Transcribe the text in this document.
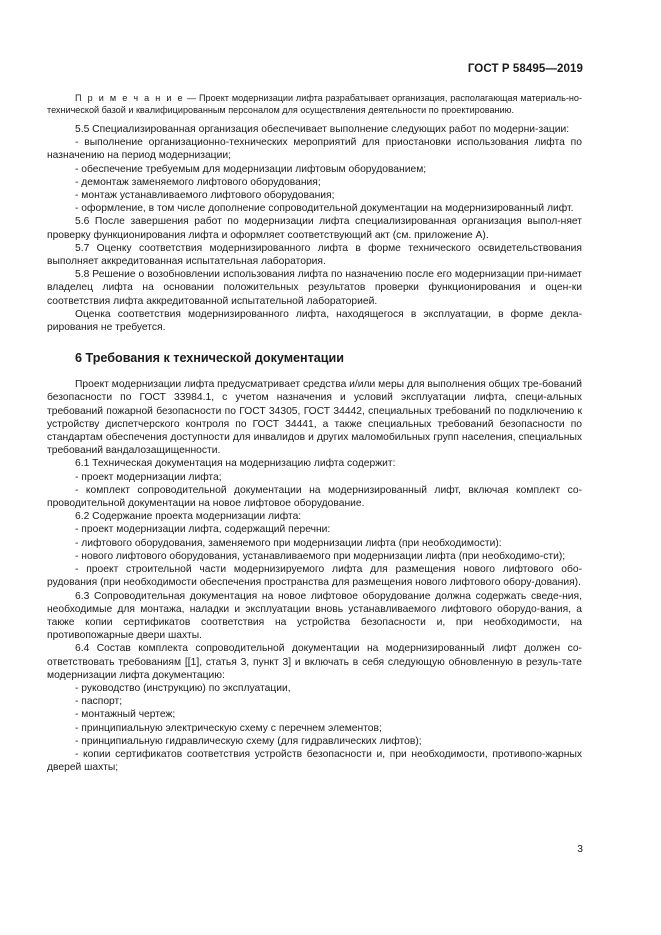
ГОСТ Р 58495—2019

П р и м е ч а н и е — Проект модернизации лифта разрабатывает организация, располагающая материаль-но-технической базой и квалифицированным персоналом для осуществления деятельности по проектированию.

5.5 Специализированная организация обеспечивает выполнение следующих работ по модерни-зации:

- выполнение организационно-технических мероприятий для приостановки использования лифта по назначению на период модернизации;

- обеспечение требуемым для модернизации лифтовым оборудованием;

- демонтаж заменяемого лифтового оборудования;

- монтаж устанавливаемого лифтового оборудования;

- оформление, в том числе дополнение сопроводительной документации на модернизированный лифт.

5.6 После завершения работ по модернизации лифта специализированная организация выпол-няет проверку функционирования лифта и оформляет соответствующий акт (см. приложение А).

5.7 Оценку соответствия модернизированного лифта в форме технического освидетельствования выполняет аккредитованная испытательная лаборатория.

5.8 Решение о возобновлении использования лифта по назначению после его модернизации при-нимает владелец лифта на основании положительных результатов проверки функционирования и оцен-ки соответствия лифта аккредитованной испытательной лабораторией.

Оценка соответствия модернизированного лифта, находящегося в эксплуатации, в форме декла-рирования не требуется.

6 Требования к технической документации

Проект модернизации лифта предусматривает средства и/или меры для выполнения общих тре-бований безопасности по ГОСТ 33984.1, с учетом назначения и условий эксплуатации лифта, специ-альных требований пожарной безопасности по ГОСТ 34305, ГОСТ 34442, специальных требований по подключению к устройству диспетчерского контроля по ГОСТ 34441, а также специальных требований безопасности по стандартам обеспечения доступности для инвалидов и других маломобильных групп населения, специальных требований вандалозащищенности.

6.1 Техническая документация на модернизацию лифта содержит:

- проект модернизации лифта;

- комплект сопроводительной документации на модернизированный лифт, включая комплект со-проводительной документации на новое лифтовое оборудование.

6.2 Содержание проекта модернизации лифта:

- проект модернизации лифта, содержащий перечни:

- лифтового оборудования, заменяемого при модернизации лифта (при необходимости):

- нового лифтового оборудования, устанавливаемого при модернизации лифта (при необходимо-сти);

- проект строительной части модернизируемого лифта для размещения нового лифтового обо-рудования (при необходимости обеспечения пространства для размещения нового лифтового обору-дования).

6.3 Сопроводительная документация на новое лифтовое оборудование должна содержать сведе-ния, необходимые для монтажа, наладки и эксплуатации вновь устанавливаемого лифтового оборудо-вания, а также копии сертификатов соответствия на устройства безопасности и, при необходимости, на противопожарные двери шахты.

6.4 Состав комплекта сопроводительной документации на модернизированный лифт должен со-ответствовать требованиям [[1], статья 3, пункт 3] и включать в себя следующую обновленную в резуль-тате модернизации лифта документацию:

- руководство (инструкцию) по эксплуатации,

- паспорт;

- монтажный чертеж;

- принципиальную электрическую схему с перечнем элементов;

- принципиальную гидравлическую схему (для гидравлических лифтов);

- копии сертификатов соответствия устройств безопасности и, при необходимости, противопо-жарных дверей шахты;

3
